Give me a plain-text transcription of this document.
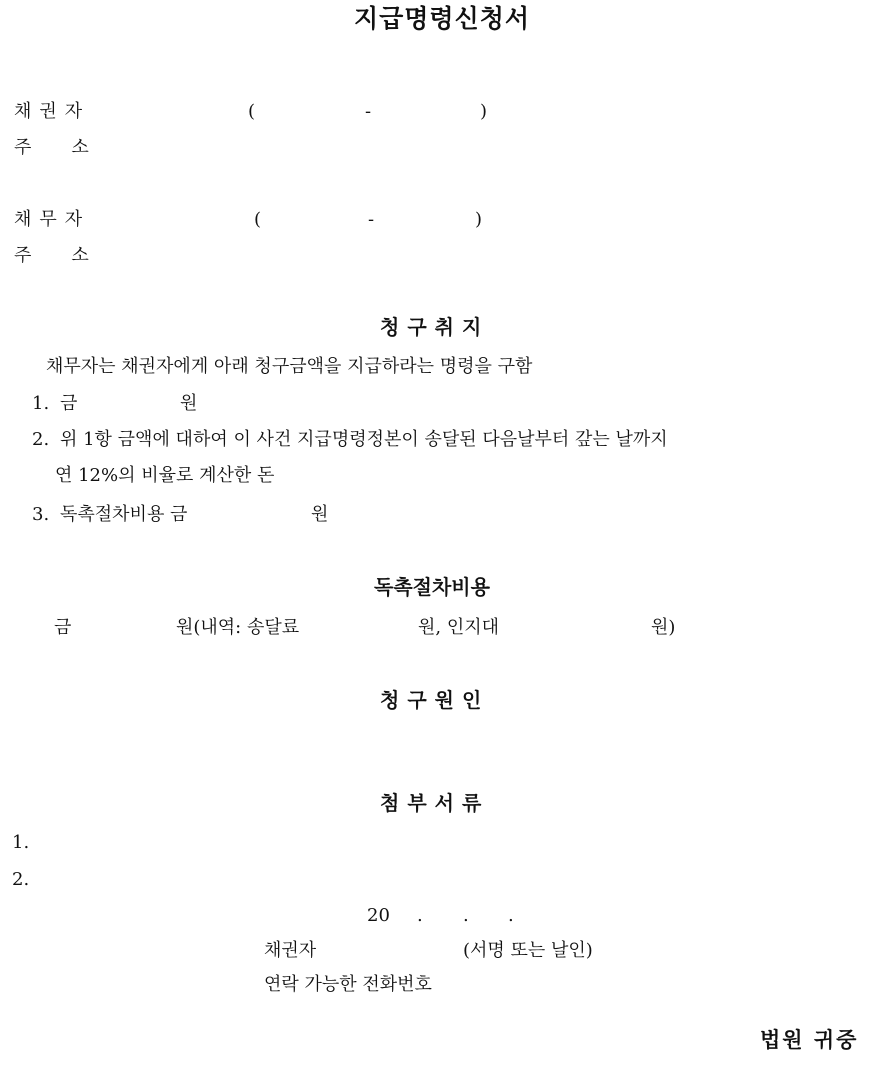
지급명령신청서
채권자	(	-	)
주소
채무자	(	-	)
주소
청구취지
채무자는 채권자에게 아래 청구금액을 지급하라는 명령을 구함
1. 금	원
2. 위 1항 금액에 대하여 이 사건 지급명령정본이 송달된 다음날부터 갚는 날까지
연 12%의 비율로 계산한 돈
3. 독촉절차비용 금	원
독촉절차비용
금	원(내역: 송달료	원, 인지대	원)
청구원인
첨부서류
1.
2.
20 . . .
채권자	(서명 또는 날인)
연락 가능한 전화번호
법원 귀중
